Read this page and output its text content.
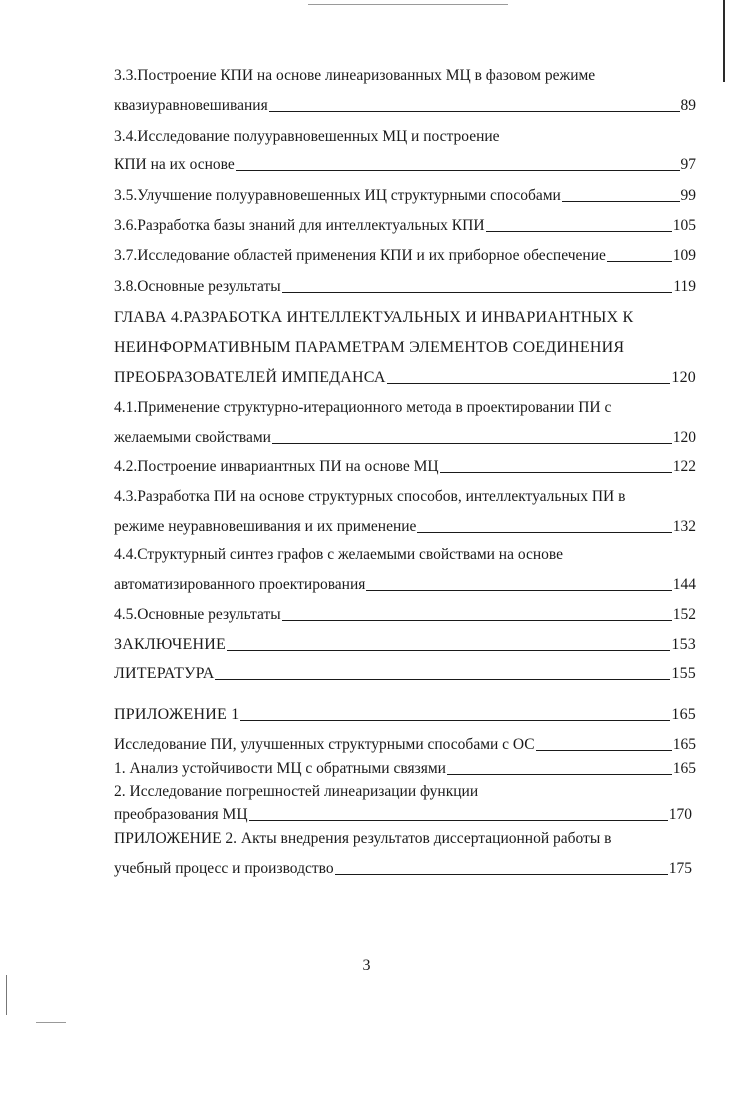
3.3.Построение КПИ на основе линеаризованных МЦ в фазовом режиме
квазиуравновешивания	89
3.4.Исследование полууравновешенных МЦ и построение
КПИ на их основе	97
3.5.Улучшение полууравновешенных ИЦ структурными способами	99
3.6.Разработка базы знаний для интеллектуальных КПИ	105
3.7.Исследование областей применения КПИ и их приборное обеспечение	109
3.8.Основные результаты	119
ГЛАВА 4.РАЗРАБОТКА ИНТЕЛЛЕКТУАЛЬНЫХ И ИНВАРИАНТНЫХ К
НЕИНФОРМАТИВНЫМ ПАРАМЕТРАМ ЭЛЕМЕНТОВ СОЕДИНЕНИЯ
ПРЕОБРАЗОВАТЕЛЕЙ ИМПЕДАНСА	120
4.1.Применение структурно-итерационного метода в проектировании ПИ с
желаемыми свойствами	120
4.2.Построение инвариантных ПИ на основе МЦ	122
4.3.Разработка ПИ на основе структурных способов, интеллектуальных ПИ в
режиме неуравновешивания и их применение	132
4.4.Структурный синтез графов с желаемыми свойствами на основе
автоматизированного проектирования	144
4.5.Основные результаты	152
ЗАКЛЮЧЕНИЕ	153
ЛИТЕРАТУРА	155
ПРИЛОЖЕНИЕ 1	165
Исследование ПИ, улучшенных структурными способами с ОС	165
1. Анализ устойчивости МЦ с обратными связями	165
2. Исследование погрешностей линеаризации функции
преобразования МЦ	170
ПРИЛОЖЕНИЕ 2. Акты внедрения результатов диссертационной работы в
учебный процесс и производство	175
3
